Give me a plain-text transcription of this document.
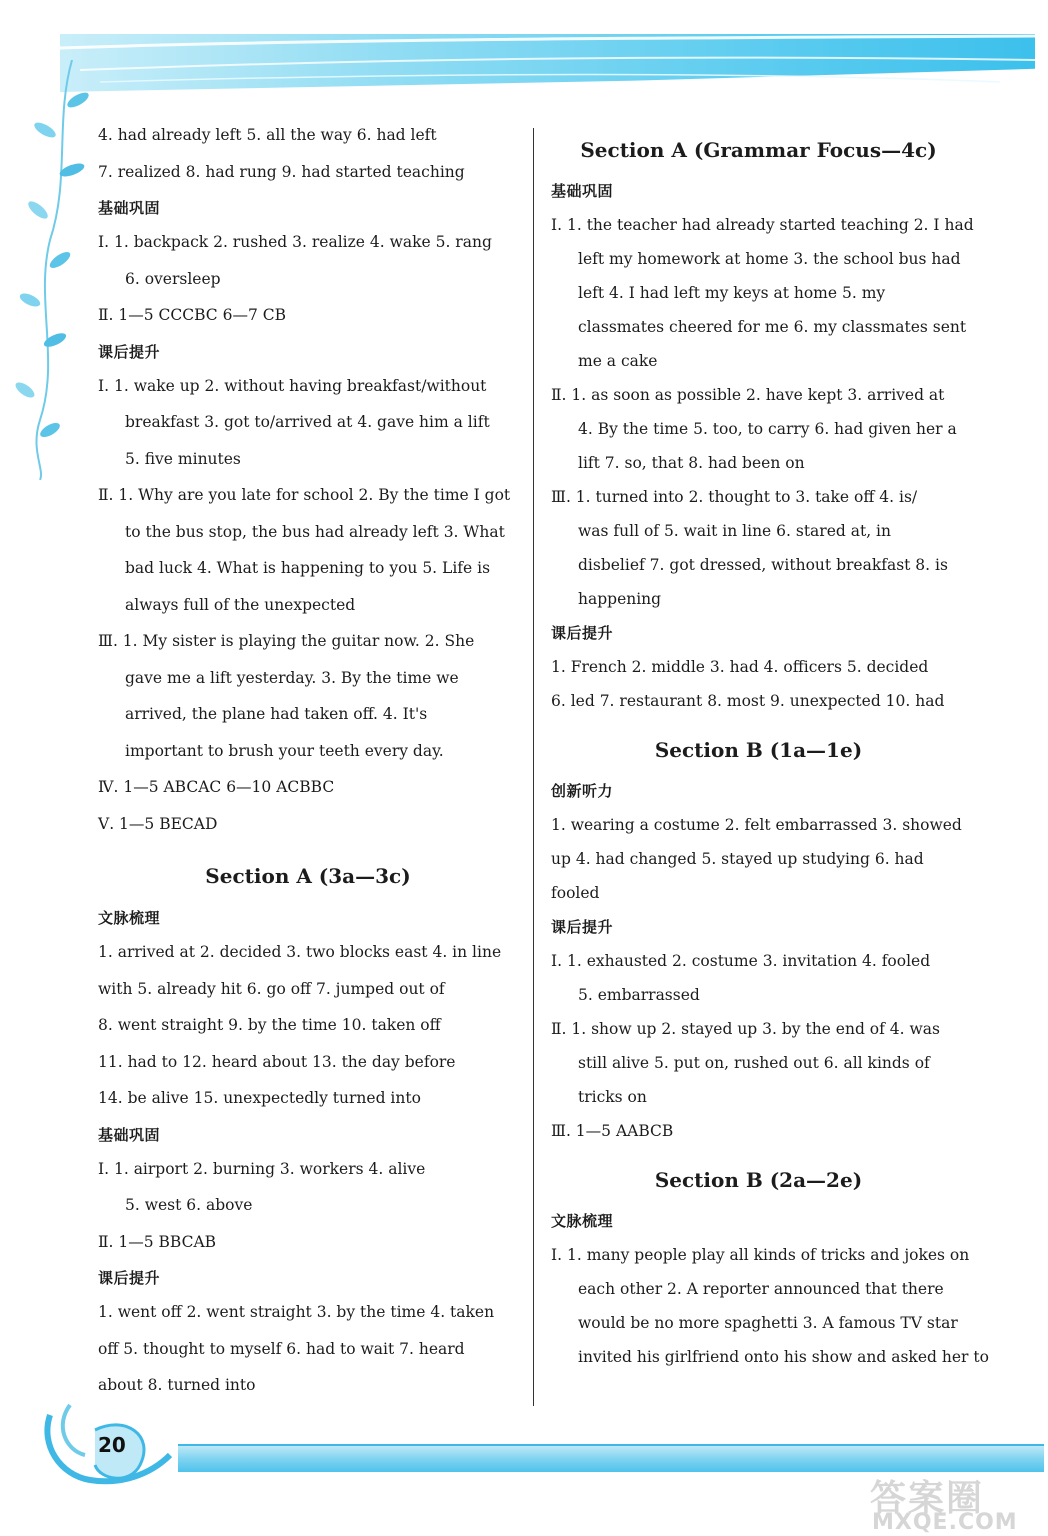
4. had already left 5. all the way 6. had left
7. realized 8. had rung 9. had started teaching
基础巩固
Ⅰ. 1. backpack 2. rushed 3. realize 4. wake 5. rang
6. oversleep
Ⅱ. 1—5 CCCBC 6—7 CB
课后提升
Ⅰ. 1. wake up 2. without having breakfast/without
breakfast 3. got to/arrived at 4. gave him a lift
5. five minutes
Ⅱ. 1. Why are you late for school 2. By the time I got
to the bus stop, the bus had already left 3. What
bad luck 4. What is happening to you 5. Life is
always full of the unexpected
Ⅲ. 1. My sister is playing the guitar now. 2. She
gave me a lift yesterday. 3. By the time we
arrived, the plane had taken off. 4. It's
important to brush your teeth every day.
Ⅳ. 1—5 ABCAC 6—10 ACBBC
Ⅴ. 1—5 BECAD
Section A (3a—3c)
文脉梳理
1. arrived at 2. decided 3. two blocks east 4. in line
with 5. already hit 6. go off 7. jumped out of
8. went straight 9. by the time 10. taken off
11. had to 12. heard about 13. the day before
14. be alive 15. unexpectedly turned into
基础巩固
Ⅰ. 1. airport 2. burning 3. workers 4. alive
5. west 6. above
Ⅱ. 1—5 BBCAB
课后提升
1. went off 2. went straight 3. by the time 4. taken
off 5. thought to myself 6. had to wait 7. heard
about 8. turned into
Section A (Grammar Focus—4c)
基础巩固
Ⅰ. 1. the teacher had already started teaching 2. I had
left my homework at home 3. the school bus had
left 4. I had left my keys at home 5. my
classmates cheered for me 6. my classmates sent
me a cake
Ⅱ. 1. as soon as possible 2. have kept 3. arrived at
4. By the time 5. too, to carry 6. had given her a
lift 7. so, that 8. had been on
Ⅲ. 1. turned into 2. thought to 3. take off 4. is/
was full of 5. wait in line 6. stared at, in
disbelief 7. got dressed, without breakfast 8. is
happening
课后提升
1. French 2. middle 3. had 4. officers 5. decided
6. led 7. restaurant 8. most 9. unexpected 10. had
Section B (1a—1e)
创新听力
1. wearing a costume 2. felt embarrassed 3. showed
up 4. had changed 5. stayed up studying 6. had
fooled
课后提升
Ⅰ. 1. exhausted 2. costume 3. invitation 4. fooled
5. embarrassed
Ⅱ. 1. show up 2. stayed up 3. by the end of 4. was
still alive 5. put on, rushed out 6. all kinds of
tricks on
Ⅲ. 1—5 AABCB
Section B (2a—2e)
文脉梳理
Ⅰ. 1. many people play all kinds of tricks and jokes on
each other 2. A reporter announced that there
would be no more spaghetti 3. A famous TV star
invited his girlfriend onto his show and asked her to
20
答案圈
MXQE.COM
